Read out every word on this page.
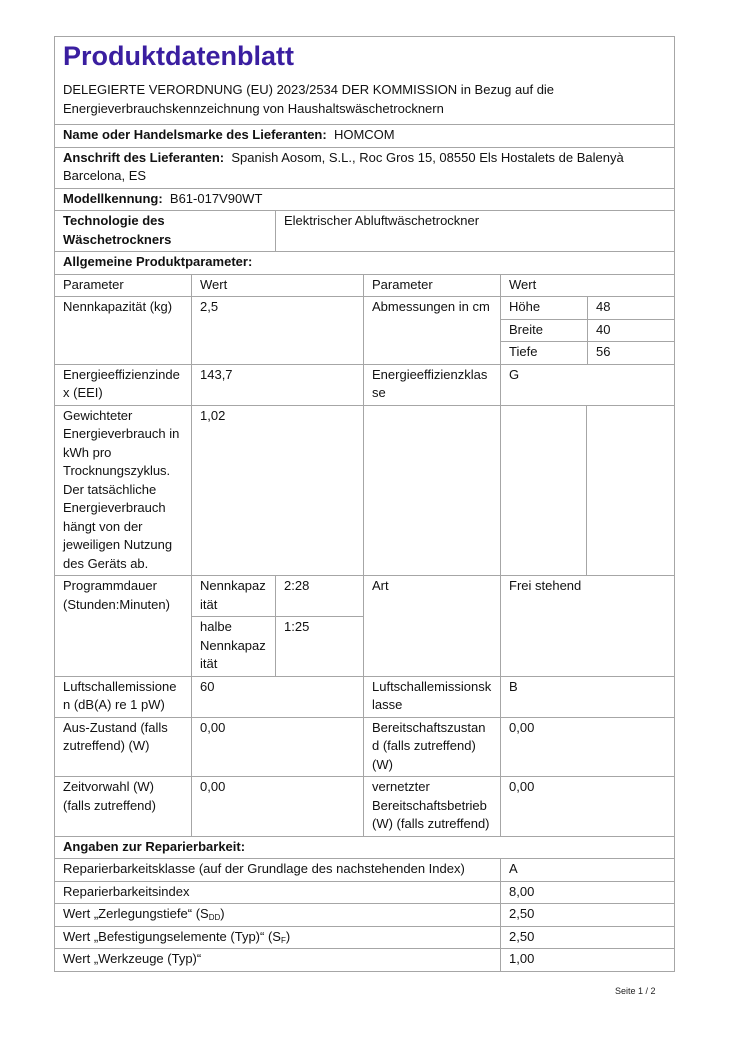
Produktdatenblatt
DELEGIERTE VERORDNUNG (EU) 2023/2534 DER KOMMISSION in Bezug auf die Energieverbrauchskennzeichnung von Haushaltswäschetrocknern

Name oder Handelsmarke des Lieferanten: HOMCOM
Anschrift des Lieferanten: Spanish Aosom, S.L., Roc Gros 15, 08550 Els Hostalets de Balenyà Barcelona, ES
Modellkennung: B61-017V90WT
Technologie des Wäschetrockners	Elektrischer Abluftwäschetrockner
Allgemeine Produktparameter:
Parameter	Wert	Parameter	Wert
Nennkapazität (kg)	2,5	Abmessungen in cm	Höhe	48
Breite	40
Tiefe	56

Energieeffizienzindex (EEI)	143,7	Energieeffizienzklasse	G
Gewichteter Energieverbrauch in kWh pro Trocknungszyklus. Der tatsächliche Energieverbrauch hängt von der jeweiligen Nutzung des Geräts ab.	1,02			
Programmdauer (Stunden:Minuten)	Nennkapazität	2:28	Art	Frei stehend
halbe Nennkapazität	1:25
Luftschallemissionen (dB(A) re 1 pW)	60	Luftschallemissionsklasse	B
Aus-Zustand (falls zutreffend) (W)	0,00	Bereitschaftszustand (falls zutreffend) (W)	0,00
Zeitvorwahl (W) (falls zutreffend)	0,00	vernetzter Bereitschaftsbetrieb (W) (falls zutreffend)	0,00
Angaben zur Reparierbarkeit:
Reparierbarkeitsklasse (auf der Grundlage des nachstehenden Index)	A
Reparierbarkeitsindex	8,00
Wert „Zerlegungstiefe“ $(S_{DD})$	2,50
Wert „Befestigungselemente (Typ)“ $(S_F)$	2,50
Wert „Werkzeuge (Typ)“	1,00
Seite 1 / 2
